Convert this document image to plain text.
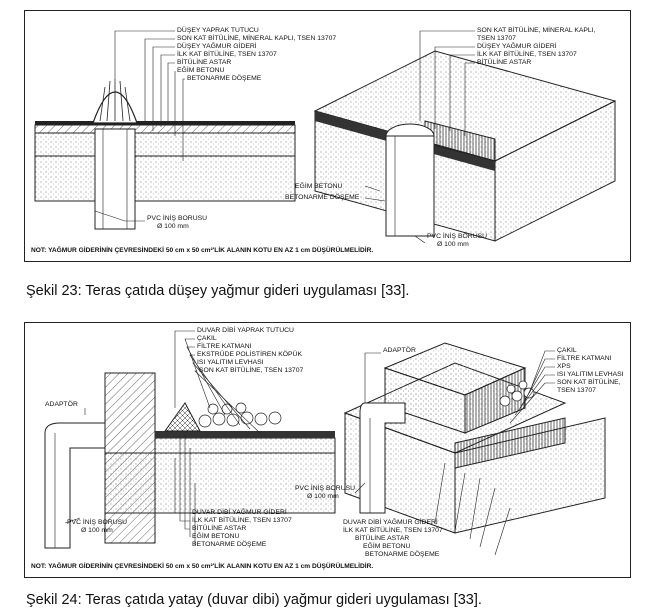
DÜŞEY YAPRAK TUTUCU
SON KAT BİTÜLİNE, MİNERAL KAPLI, TSEN 13707
DÜŞEY YAĞMUR GİDERİ
İLK KAT BİTÜLİNE, TSEN 13707
BİTÜLİNE ASTAR
EĞİM BETONU
BETONARME DÖŞEME
PVC İNİŞ BORUSU
Ø 100 mm
SON KAT BİTÜLİNE, MİNERAL KAPLI,
TSEN 13707
DÜŞEY YAĞMUR GİDERİ
İLK KAT BİTÜLİNE, TSEN 13707
BİTÜLİNE ASTAR
EĞİM BETONU
BETONARME DÖŞEME
PVC İNİŞ BORUSU
Ø 100 mm
NOT: YAĞMUR GİDERİNİN ÇEVRESİNDEKİ 50 cm x 50 cm²'LİK ALANIN KOTU EN AZ 1 cm DÜŞÜRÜLMELİDİR.
Şekil 23: Teras çatıda düşey yağmur gideri uygulaması [33].
DUVAR DİBİ YAPRAK TUTUCU
ÇAKIL
FİLTRE KATMANI
EKSTRÜDE POLİSTİREN KÖPÜK
ISI YALITIM LEVHASI
SON KAT BİTÜLİNE, TSEN 13707
ADAPTÖR
ADAPTÖR	ÇAKIL
FİLTRE KATMANI
XPS
ISI YALITIM LEVHASI
SON KAT BİTÜLİNE,
TSEN 13707
PVC İNİŞ BORUSU
Ø 100 mm
PVC İNİŞ BORUSU
Ø 100 mm
DUVAR DİBİ YAĞMUR GİDERİ
İLK KAT BİTÜLİNE, TSEN 13707
BİTÜLİNE ASTAR
EĞİM BETONU
BETONARME DÖŞEME
DUVAR DİBİ YAĞMUR GİDERİ
İLK KAT BİTÜLİNE, TSEN 13707
BİTÜLİNE ASTAR
EĞİM BETONU
BETONARME DÖŞEME
NOT: YAĞMUR GİDERİNİN ÇEVRESİNDEKİ 50 cm x 50 cm²'LİK ALANIN KOTU EN AZ 1 cm DÜŞÜRÜLMELİDİR.
Şekil 24: Teras çatıda yatay (duvar dibi) yağmur gideri uygulaması [33].
